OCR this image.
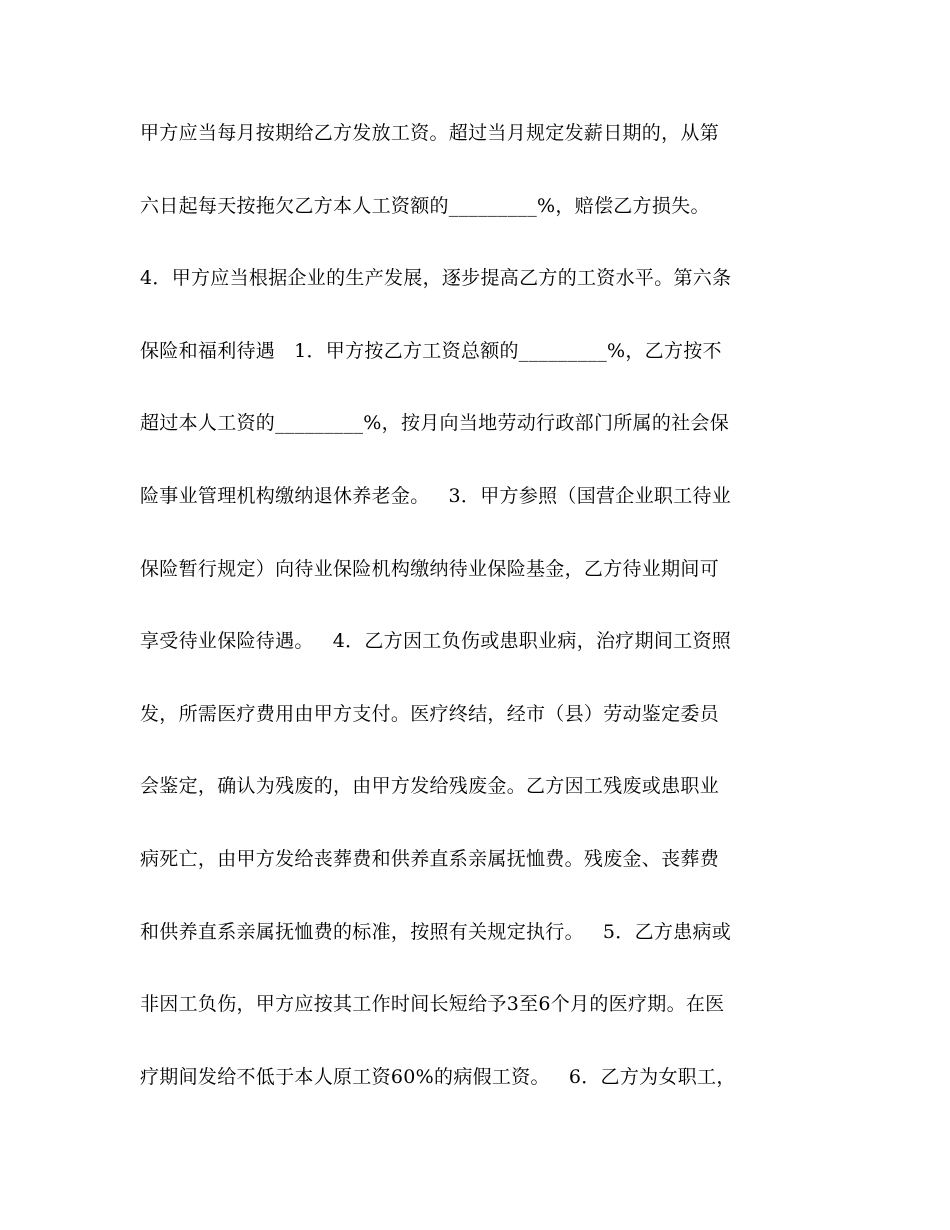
甲方应当每月按期给乙方发放工资。超过当月规定发薪日期的，从第
六日起每天按拖欠乙方本人工资额的_________%，赔偿乙方损失。
4．甲方应当根据企业的生产发展，逐步提高乙方的工资水平。第六条
保险和福利待遇   1．甲方按乙方工资总额的_________%，乙方按不
超过本人工资的_________%，按月向当地劳动行政部门所属的社会保
险事业管理机构缴纳退休养老金。   3．甲方参照（国营企业职工待业
保险暂行规定）向待业保险机构缴纳待业保险基金，乙方待业期间可
享受待业保险待遇。   4．乙方因工负伤或患职业病，治疗期间工资照
发，所需医疗费用由甲方支付。医疗终结，经市（县）劳动鉴定委员
会鉴定，确认为残废的，由甲方发给残废金。乙方因工残废或患职业
病死亡，由甲方发给丧葬费和供养直系亲属抚恤费。残废金、丧葬费
和供养直系亲属抚恤费的标准，按照有关规定执行。   5．乙方患病或
非因工负伤，甲方应按其工作时间长短给予3至6个月的医疗期。在医
疗期间发给不低于本人原工资60%的病假工资。   6．乙方为女职工，
